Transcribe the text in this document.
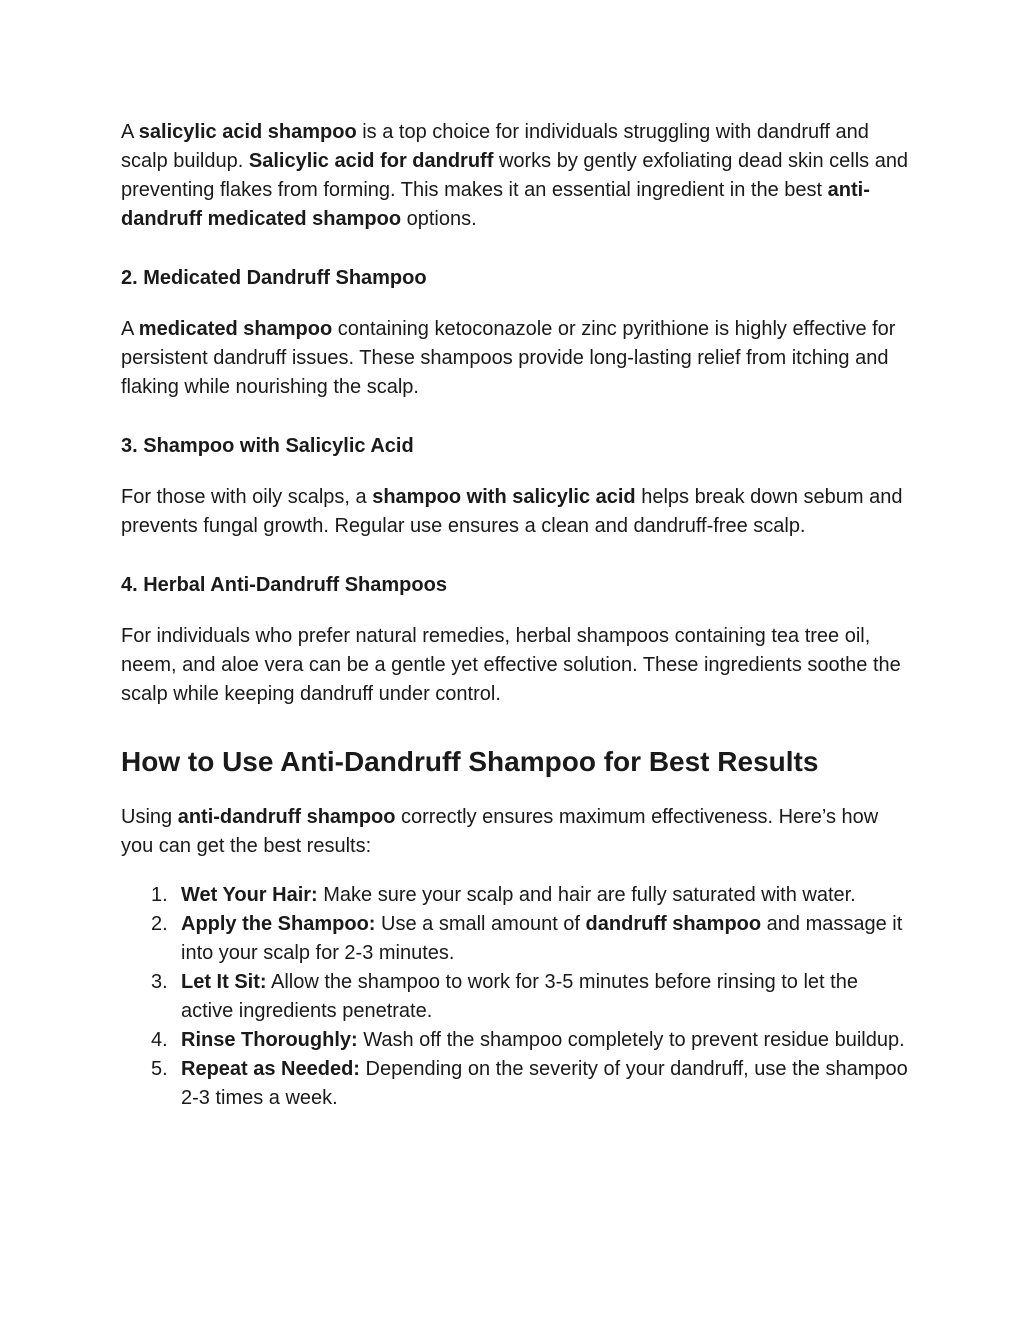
A salicylic acid shampoo is a top choice for individuals struggling with dandruff and scalp buildup. Salicylic acid for dandruff works by gently exfoliating dead skin cells and preventing flakes from forming. This makes it an essential ingredient in the best anti-dandruff medicated shampoo options.

2. Medicated Dandruff Shampoo

A medicated shampoo containing ketoconazole or zinc pyrithione is highly effective for persistent dandruff issues. These shampoos provide long-lasting relief from itching and flaking while nourishing the scalp.

3. Shampoo with Salicylic Acid

For those with oily scalps, a shampoo with salicylic acid helps break down sebum and prevents fungal growth. Regular use ensures a clean and dandruff-free scalp.

4. Herbal Anti-Dandruff Shampoos

For individuals who prefer natural remedies, herbal shampoos containing tea tree oil, neem, and aloe vera can be a gentle yet effective solution. These ingredients soothe the scalp while keeping dandruff under control.

How to Use Anti-Dandruff Shampoo for Best Results

Using anti-dandruff shampoo correctly ensures maximum effectiveness. Here’s how you can get the best results:

1. Wet Your Hair: Make sure your scalp and hair are fully saturated with water.
2. Apply the Shampoo: Use a small amount of dandruff shampoo and massage it into your scalp for 2-3 minutes.
3. Let It Sit: Allow the shampoo to work for 3-5 minutes before rinsing to let the active ingredients penetrate.
4. Rinse Thoroughly: Wash off the shampoo completely to prevent residue buildup.
5. Repeat as Needed: Depending on the severity of your dandruff, use the shampoo 2-3 times a week.
